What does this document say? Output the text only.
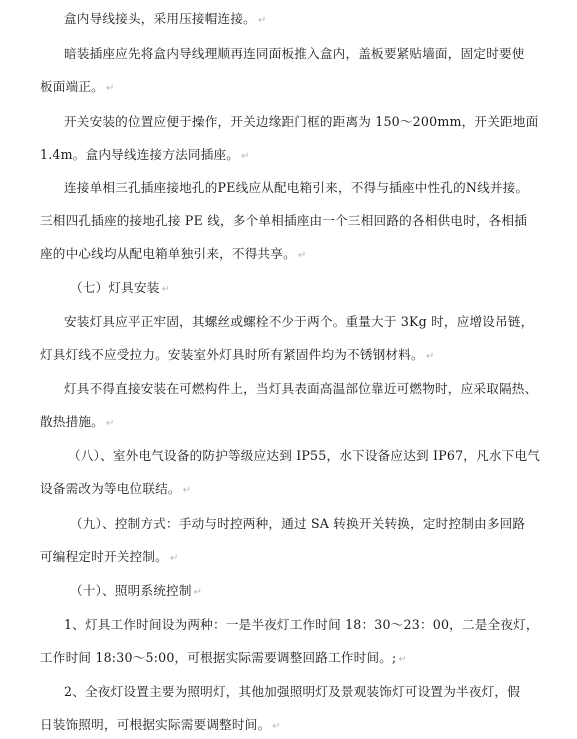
盒内导线接头，采用压接帽连接。 ↵
暗装插座应先将盒内导线理顺再连同面板推入盒内，盖板要紧贴墙面，固定时要使
板面端正。 ↵
开关安装的位置应便于操作，开关边缘距门框的距离为 150～200mm，开关距地面
1.4m。盒内导线连接方法同插座。 ↵
连接单相三孔插座接地孔的PE线应从配电箱引来，不得与插座中性孔的N线并接。
三相四孔插座的接地孔接 PE 线，多个单相插座由一个三相回路的各相供电时，各相插
座的中心线均从配电箱单独引来，不得共享。 ↵
（七）灯具安装 ↵
安装灯具应平正牢固，其螺丝或螺栓不少于两个。重量大于 3Kg 时，应增设吊链，
灯具灯线不应受拉力。安装室外灯具时所有紧固件均为不锈钢材料。 ↵
灯具不得直接安装在可燃构件上，当灯具表面高温部位靠近可燃物时，应采取隔热、
散热措施。 ↵
（八）、室外电气设备的防护等级应达到 IP55，水下设备应达到 IP67，凡水下电气
设备需改为等电位联结。 ↵
（九）、控制方式：手动与时控两种，通过 SA 转换开关转换，定时控制由多回路
可编程定时开关控制。 ↵
（十）、照明系统控制 ↵
1、灯具工作时间设为两种：一是半夜灯工作时间 18：30～23：00，二是全夜灯，
工作时间 18:30～5:00，可根据实际需要调整回路工作时间。; ↵
2、全夜灯设置主要为照明灯，其他加强照明灯及景观装饰灯可设置为半夜灯，假
日装饰照明，可根据实际需要调整时间。 ↵
